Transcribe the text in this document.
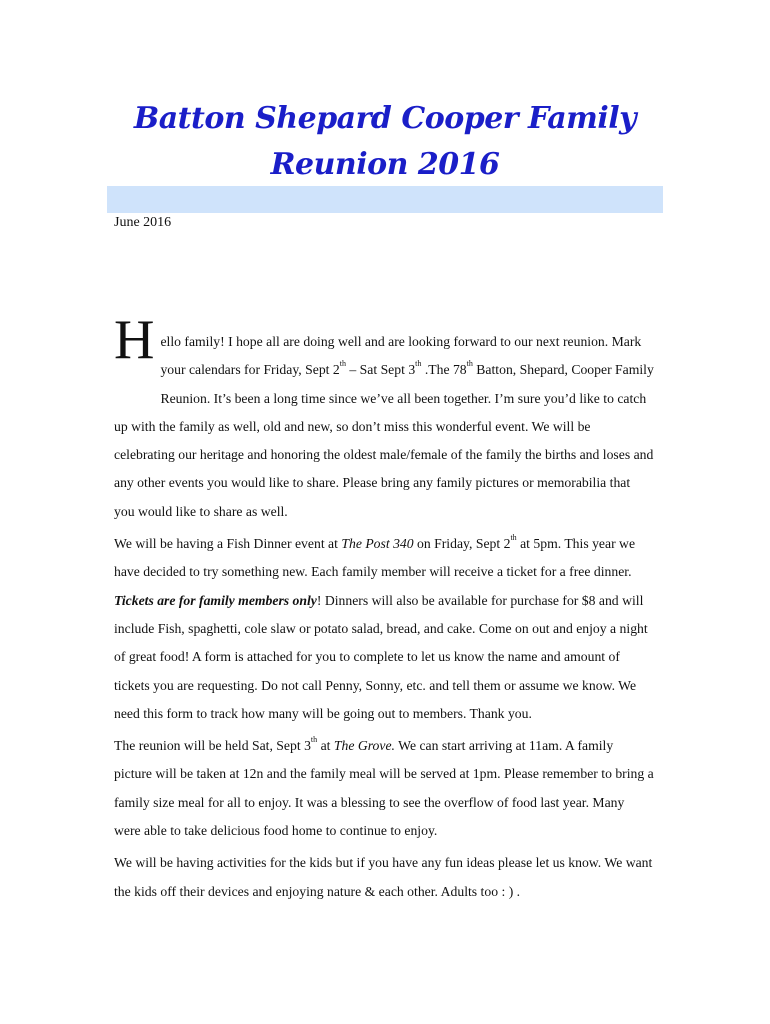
Batton Shepard Cooper Family
Reunion 2016
June 2016

Hello family! I hope all are doing well and are looking forward to our next reunion. Mark your calendars for Friday, Sept 2th – Sat Sept 3th .The 78th Batton, Shepard, Cooper Family Reunion. It’s been a long time since we’ve all been together. I’m sure you’d like to catch up with the family as well, old and new, so don’t miss this wonderful event. We will be celebrating our heritage and honoring the oldest male/female of the family the births and loses and any other events you would like to share. Please bring any family pictures or memorabilia that you would like to share as well.

We will be having a Fish Dinner event at The Post 340 on Friday, Sept 2th at 5pm. This year we have decided to try something new. Each family member will receive a ticket for a free dinner. Tickets are for family members only! Dinners will also be available for purchase for $8 and will include Fish, spaghetti, cole slaw or potato salad, bread, and cake. Come on out and enjoy a night of great food! A form is attached for you to complete to let us know the name and amount of tickets you are requesting. Do not call Penny, Sonny, etc. and tell them or assume we know. We need this form to track how many will be going out to members. Thank you.

The reunion will be held Sat, Sept 3th at The Grove. We can start arriving at 11am. A family picture will be taken at 12n and the family meal will be served at 1pm. Please remember to bring a family size meal for all to enjoy. It was a blessing to see the overflow of food last year. Many were able to take delicious food home to continue to enjoy.

We will be having activities for the kids but if you have any fun ideas please let us know. We want the kids off their devices and enjoying nature & each other. Adults too : ) .
